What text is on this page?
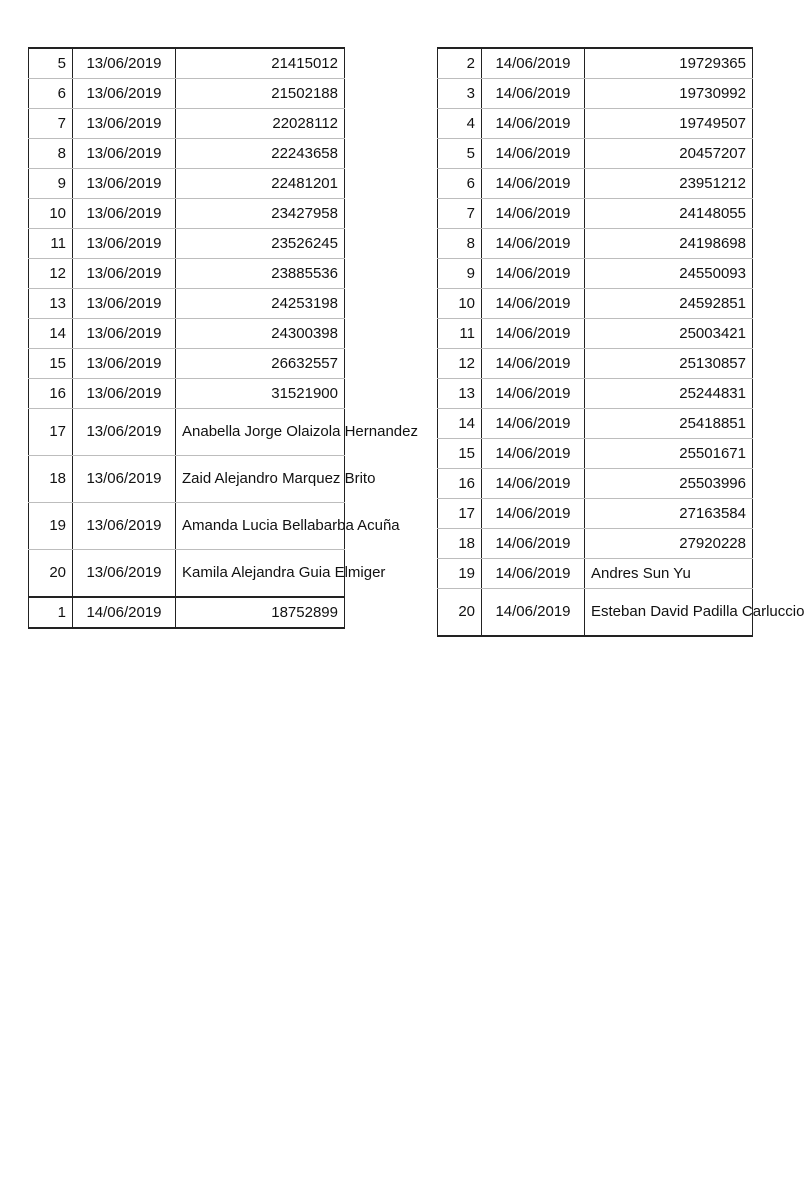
5	13/06/2019	21415012
6	13/06/2019	21502188
7	13/06/2019	22028112
8	13/06/2019	22243658
9	13/06/2019	22481201
10	13/06/2019	23427958
11	13/06/2019	23526245
12	13/06/2019	23885536
13	13/06/2019	24253198
14	13/06/2019	24300398
15	13/06/2019	26632557
16	13/06/2019	31521900
17	13/06/2019	Anabella Jorge Olaizola Hernandez
18	13/06/2019	Zaid Alejandro Marquez Brito
19	13/06/2019	Amanda Lucia Bellabarba Acuña
20	13/06/2019	Kamila Alejandra Guia Elmiger
1	14/06/2019	18752899
2	14/06/2019	19729365
3	14/06/2019	19730992
4	14/06/2019	19749507
5	14/06/2019	20457207
6	14/06/2019	23951212
7	14/06/2019	24148055
8	14/06/2019	24198698
9	14/06/2019	24550093
10	14/06/2019	24592851
11	14/06/2019	25003421
12	14/06/2019	25130857
13	14/06/2019	25244831
14	14/06/2019	25418851
15	14/06/2019	25501671
16	14/06/2019	25503996
17	14/06/2019	27163584
18	14/06/2019	27920228
19	14/06/2019	Andres Sun Yu
20	14/06/2019	Esteban David Padilla Carluccio
